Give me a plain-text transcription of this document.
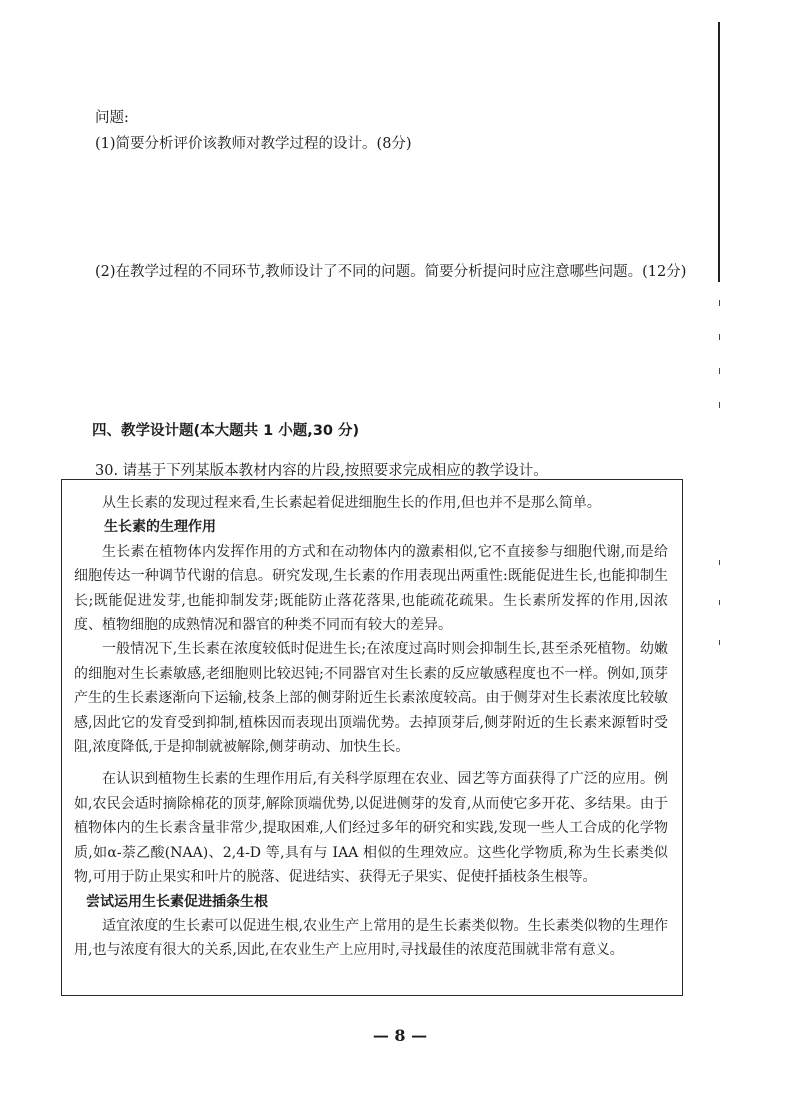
问题:
(1)简要分析评价该教师对教学过程的设计。(8分)
(2)在教学过程的不同环节,教师设计了不同的问题。简要分析提问时应注意哪些问题。(12分)
四、教学设计题(本大题共 1 小题,30 分)
30. 请基于下列某版本教材内容的片段,按照要求完成相应的教学设计。

从生长素的发现过程来看,生长素起着促进细胞生长的作用,但也并不是那么简单。

生长素的生理作用

生长素在植物体内发挥作用的方式和在动物体内的激素相似,它不直接参与细胞代谢,而是给细胞传达一种调节代谢的信息。研究发现,生长素的作用表现出两重性:既能促进生长,也能抑制生长;既能促进发芽,也能抑制发芽;既能防止落花落果,也能疏花疏果。生长素所发挥的作用,因浓度、植物细胞的成熟情况和器官的种类不同而有较大的差异。

一般情况下,生长素在浓度较低时促进生长;在浓度过高时则会抑制生长,甚至杀死植物。幼嫩的细胞对生长素敏感,老细胞则比较迟钝;不同器官对生长素的反应敏感程度也不一样。例如,顶芽产生的生长素逐渐向下运输,枝条上部的侧芽附近生长素浓度较高。由于侧芽对生长素浓度比较敏感,因此它的发育受到抑制,植株因而表现出顶端优势。去掉顶芽后,侧芽附近的生长素来源暂时受阻,浓度降低,于是抑制就被解除,侧芽萌动、加快生长。

在认识到植物生长素的生理作用后,有关科学原理在农业、园艺等方面获得了广泛的应用。例如,农民会适时摘除棉花的顶芽,解除顶端优势,以促进侧芽的发育,从而使它多开花、多结果。由于植物体内的生长素含量非常少,提取困难,人们经过多年的研究和实践,发现一些人工合成的化学物质,如α-萘乙酸(NAA)、2,4-D 等,具有与 IAA 相似的生理效应。这些化学物质,称为生长素类似物,可用于防止果实和叶片的脱落、促进结实、获得无子果实、促使扦插枝条生根等。

尝试运用生长素促进插条生根

适宜浓度的生长素可以促进生根,农业生产上常用的是生长素类似物。生长素类似物的生理作用,也与浓度有很大的关系,因此,在农业生产上应用时,寻找最佳的浓度范围就非常有意义。

— 8 —
